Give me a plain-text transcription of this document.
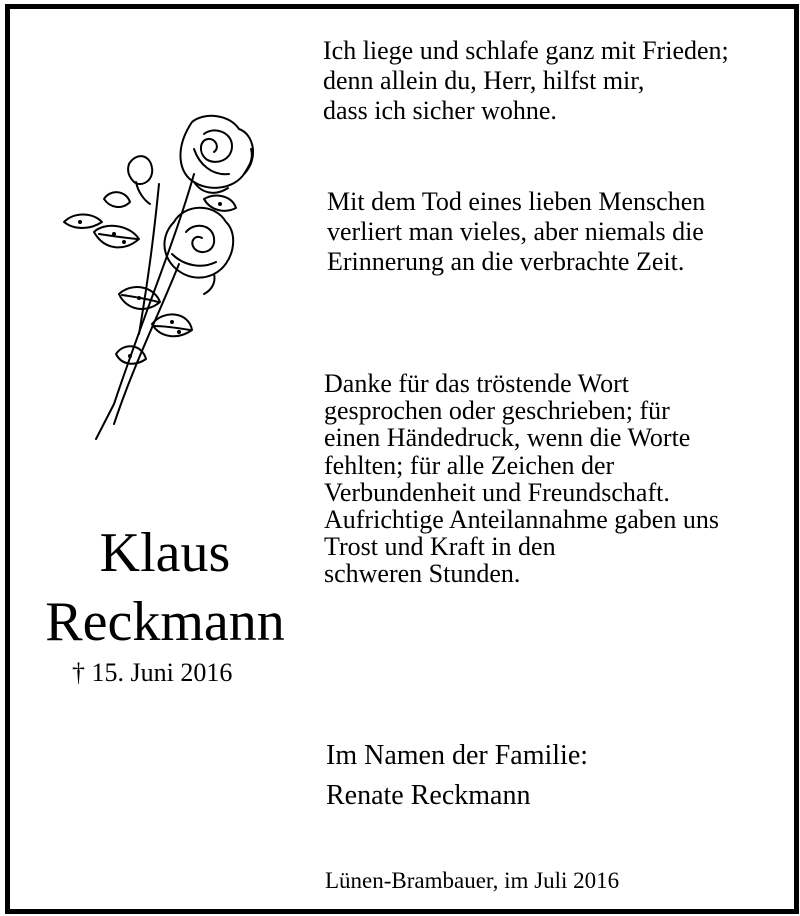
Ich liege und schlafe ganz mit Frieden;
denn allein du, Herr, hilfst mir,
dass ich sicher wohne.
Mit dem Tod eines lieben Menschen
verliert man vieles, aber niemals die
Erinnerung an die verbrachte Zeit.
Danke für das tröstende Wort
gesprochen oder geschrieben; für
einen Händedruck, wenn die Worte
fehlten; für alle Zeichen der
Verbundenheit und Freundschaft.
Aufrichtige Anteilannahme gaben uns
Trost und Kraft in den
schweren Stunden.
Klaus
Reckmann
† 15. Juni 2016
Im Namen der Familie:
Renate Reckmann
Lünen-Brambauer, im Juli 2016
